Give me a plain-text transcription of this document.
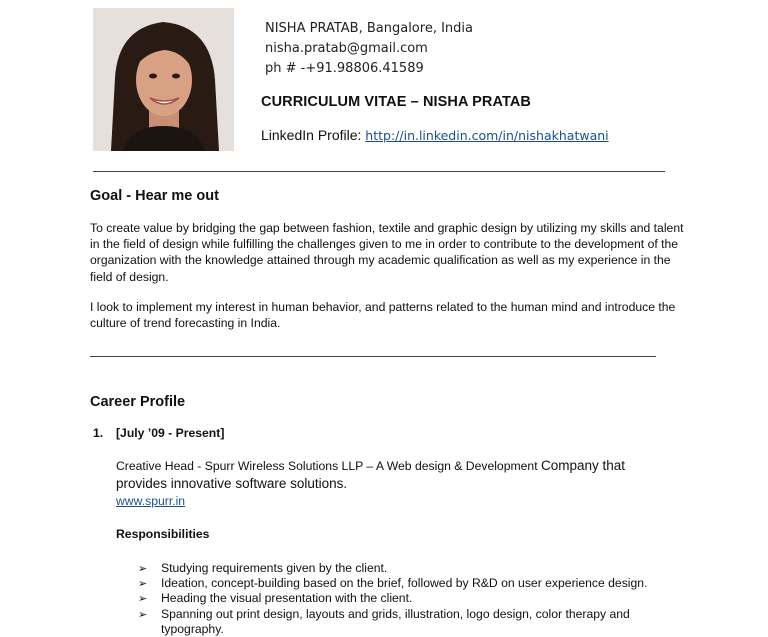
NISHA PRATAB, Bangalore, India
nisha.pratab@gmail.com
ph # -+91.98806.41589
CURRICULUM VITAE – NISHA PRATAB
LinkedIn Profile: http://in.linkedin.com/in/nishakhatwani
Goal - Hear me out
To create value by bridging the gap between fashion, textile and graphic design by utilizing my skills and talent in the field of design while fulfilling the challenges given to me in order to contribute to the development of the organization with the knowledge attained through my academic qualification as well as my experience in the field of design.
I look to implement my interest in human behavior, and patterns related to the human mind and introduce the culture of trend forecasting in India.
Career Profile
1. [July ’09 - Present]
Creative Head - Spurr Wireless Solutions LLP – A Web design & Development Company that provides innovative software solutions.
www.spurr.in
Responsibilities
➢ Studying requirements given by the client.
➢ Ideation, concept-building based on the brief, followed by R&D on user experience design.
➢ Heading the visual presentation with the client.
➢ Spanning out print design, layouts and grids, illustration, logo design, color therapy and typography.
